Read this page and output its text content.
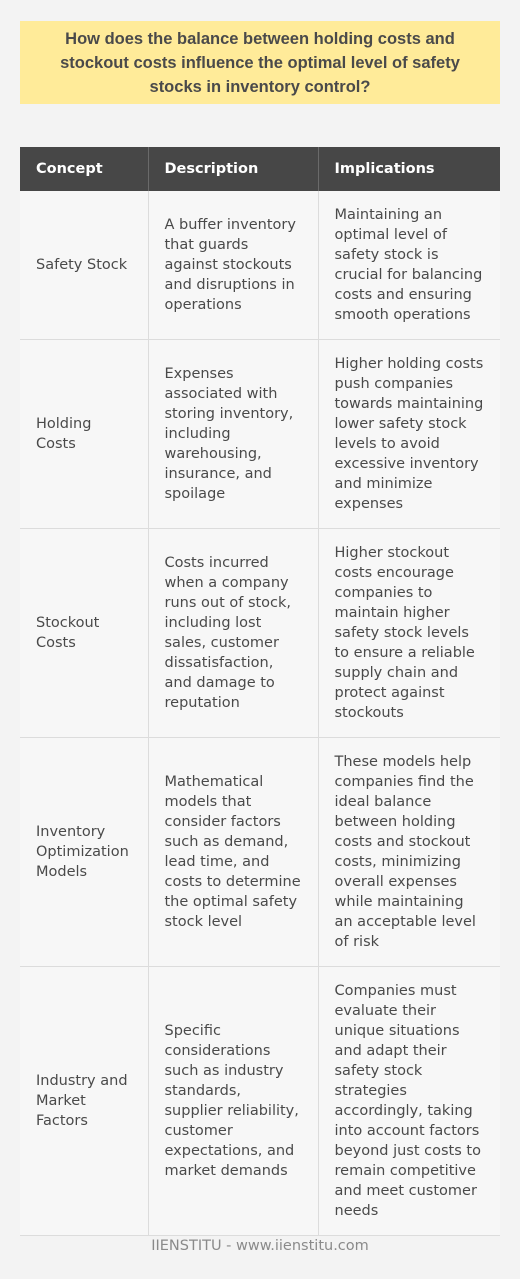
How does the balance between holding costs and stockout costs influence the optimal level of safety stocks in inventory control?
Concept	Description	Implications
Safety Stock	A buffer inventory that guards against stockouts and disruptions in operations	Maintaining an optimal level of safety stock is crucial for balancing costs and ensuring smooth operations
Holding Costs	Expenses associated with storing inventory, including warehousing, insurance, and spoilage	Higher holding costs push companies towards maintaining lower safety stock levels to avoid excessive inventory and minimize expenses
Stockout Costs	Costs incurred when a company runs out of stock, including lost sales, customer dissatisfaction, and damage to reputation	Higher stockout costs encourage companies to maintain higher safety stock levels to ensure a reliable supply chain and protect against stockouts
Inventory Optimization Models	Mathematical models that consider factors such as demand, lead time, and costs to determine the optimal safety stock level	These models help companies find the ideal balance between holding costs and stockout costs, minimizing overall expenses while maintaining an acceptable level of risk
Industry and Market Factors	Specific considerations such as industry standards, supplier reliability, customer expectations, and market demands	Companies must evaluate their unique situations and adapt their safety stock strategies accordingly, taking into account factors beyond just costs to remain competitive and meet customer needs
IIENSTITU - www.iienstitu.com
